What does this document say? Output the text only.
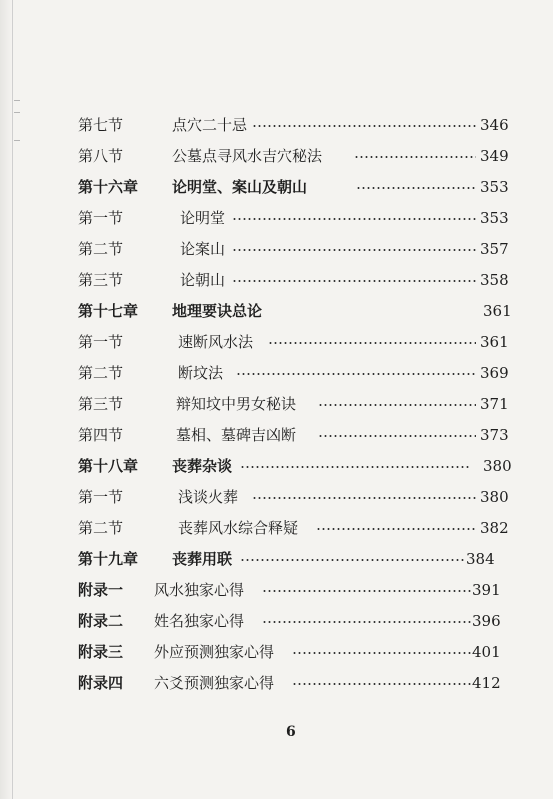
第七节	点穴二十忌	346
第八节	公墓点寻风水吉穴秘法	349
第十六章 论明堂、案山及朝山	353
第一节	论明堂	353
第二节	论案山	357
第三节	论朝山	358
第十七章 地理要诀总论	361
第一节	速断风水法	361
第二节	断坟法	369
第三节	辩知坟中男女秘诀	371
第四节	墓相、墓碑吉凶断	373
第十八章 丧葬杂谈	380
第一节	浅谈火葬	380
第二节	丧葬风水综合释疑	382
第十九章 丧葬用联	384
附录一 风水独家心得	391
附录二 姓名独家心得	396
附录三 外应预测独家心得	401
附录四 六爻预测独家心得	412
6
